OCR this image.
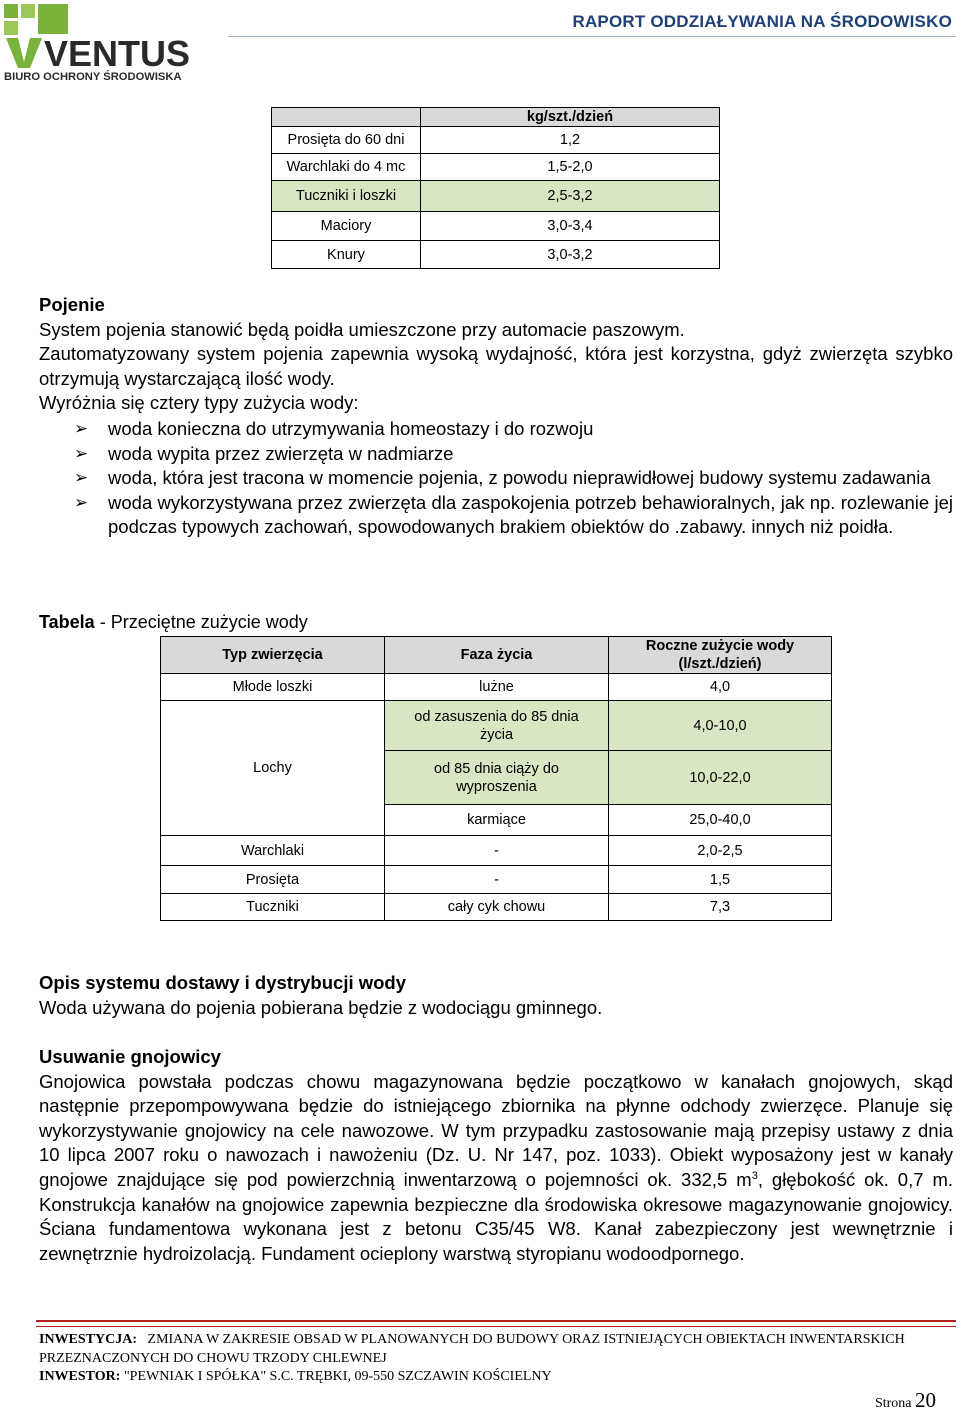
VENTUS
BIURO OCHRONY ŚRODOWISKA
RAPORT ODDZIAŁYWANIA NA ŚRODOWISKO
	kg/szt./dzień
Prosięta do 60 dni	1,2
Warchlaki do 4 mc	1,5-2,0
Tuczniki i loszki	2,5-3,2
Maciory	3,0-3,4
Knury	3,0-3,2
Pojenie
System pojenia stanowić będą poidła umieszczone przy automacie paszowym.
Zautomatyzowany system pojenia zapewnia wysoką wydajność, która jest korzystna, gdyż zwierzęta szybko otrzymują wystarczającą ilość wody.
Wyróżnia się cztery typy zużycia wody:
➢ woda konieczna do utrzymywania homeostazy i do rozwoju
➢ woda wypita przez zwierzęta w nadmiarze
➢ woda, która jest tracona w momencie pojenia, z powodu nieprawidłowej budowy systemu zadawania
➢ woda wykorzystywana przez zwierzęta dla zaspokojenia potrzeb behawioralnych, jak np. rozlewanie jej podczas typowych zachowań, spowodowanych brakiem obiektów do .zabawy. innych niż poidła.
Tabela - Przeciętne zużycie wody
Typ zwierzęcia	Faza życia	Roczne zużycie wody (l/szt./dzień)
Młode loszki	lużne	4,0
Lochy	od zasuszenia do 85 dnia życia	4,0-10,0
	od 85 dnia ciąży do wyproszenia	10,0-22,0
	karmiące	25,0-40,0
Warchlaki	-	2,0-2,5
Prosięta	-	1,5
Tuczniki	cały cyk chowu	7,3
Opis systemu dostawy i dystrybucji wody
Woda używana do pojenia pobierana będzie z wodociągu gminnego.
Usuwanie gnojowicy
Gnojowica powstała podczas chowu magazynowana będzie początkowo w kanałach gnojowych, skąd następnie przepompowywana będzie do istniejącego zbiornika na płynne odchody zwierzęce. Planuje się wykorzystywanie gnojowicy na cele nawozowe. W tym przypadku zastosowanie mają przepisy ustawy z dnia 10 lipca 2007 roku o nawozach i nawożeniu (Dz. U. Nr 147, poz. 1033). Obiekt wyposażony jest w kanały gnojowe znajdujące się pod powierzchnią inwentarzową o pojemności ok. 332,5 $m^3$, głębokość ok. 0,7 m. Konstrukcja kanałów na gnojowice zapewnia bezpieczne dla środowiska okresowe magazynowanie gnojowicy. Ściana fundamentowa wykonana jest z betonu C35/45 W8. Kanał zabezpieczony jest wewnętrznie i zewnętrznie hydroizolacją. Fundament ocieplony warstwą styropianu wodoodpornego.
INWESTYCJA: ZMIANA W ZAKRESIE OBSAD W PLANOWANYCH DO BUDOWY ORAZ ISTNIEJĄCYCH OBIEKTACH INWENTARSKICH
PRZEZNACZONYCH DO CHOWU TRZODY CHLEWNEJ
INWESTOR: "PEWNIAK I SPÓŁKA" S.C. TRĘBKI, 09-550 SZCZAWIN KOŚCIELNY
Strona 20
